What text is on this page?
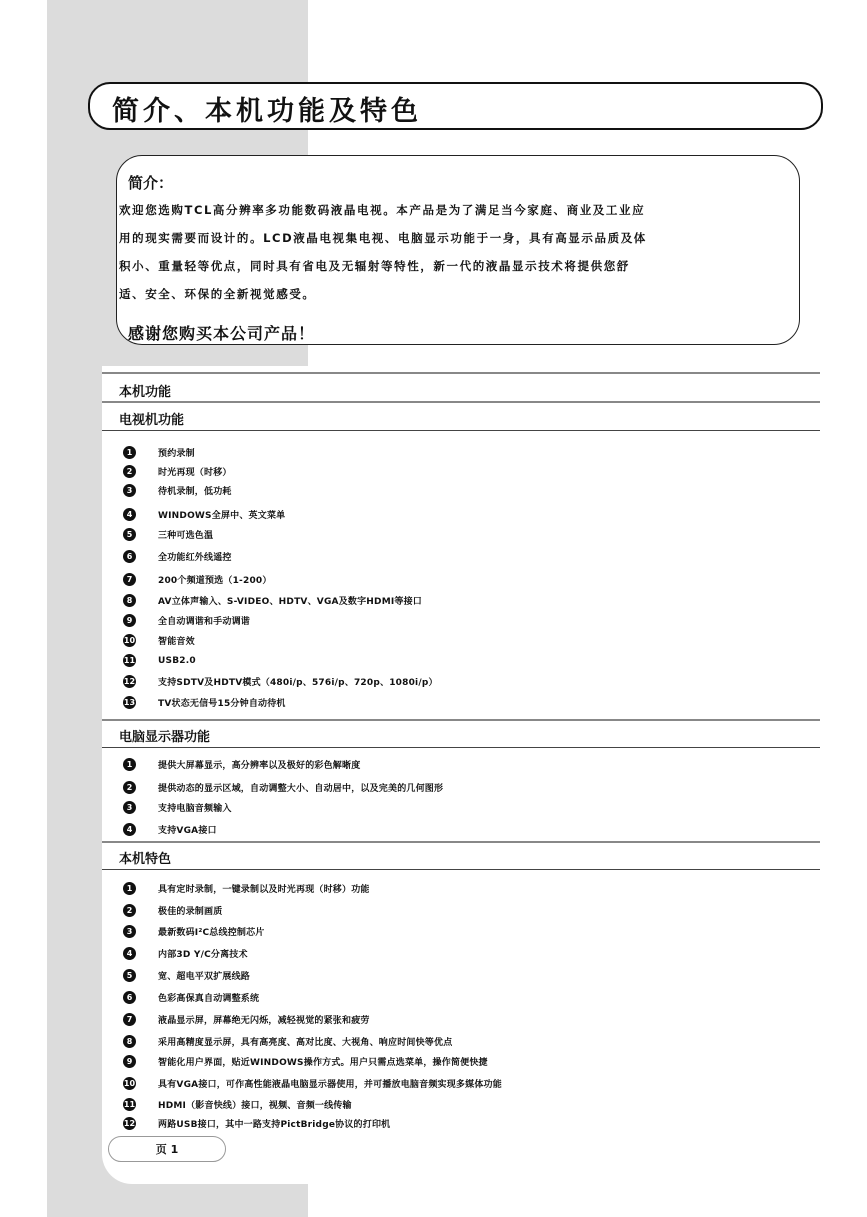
简介、本机功能及特色
简介：
欢迎您选购TCL高分辨率多功能数码液晶电视。本产品是为了满足当今家庭、商业及工业应
用的现实需要而设计的。LCD液晶电视集电视、电脑显示功能于一身，具有高显示品质及体
积小、重量轻等优点，同时具有省电及无辐射等特性，新一代的液晶显示技术将提供您舒
适、安全、环保的全新视觉感受。
感谢您购买本公司产品！
本机功能
电视机功能
1	预约录制
2	时光再现（时移）
3	待机录制，低功耗
4	WINDOWS全屏中、英文菜单
5	三种可选色温
6	全功能红外线遥控
7	200个频道预选（1-200）
8	AV立体声输入、S-VIDEO、HDTV、VGA及数字HDMI等接口
9	全自动调谐和手动调谐
10	智能音效
11	USB2.0
12	支持SDTV及HDTV模式（480i/p、576i/p、720p、1080i/p）
13	TV状态无信号15分钟自动待机
电脑显示器功能
1	提供大屏幕显示，高分辨率以及极好的彩色解晰度
2	提供动态的显示区域，自动调整大小、自动居中，以及完美的几何图形
3	支持电脑音频输入
4	支持VGA接口
本机特色
1	具有定时录制，一键录制以及时光再现（时移）功能
2	极佳的录制画质
3	最新数码I²C总线控制芯片
4	内部3D Y/C分离技术
5	宽、超电平双扩展线路
6	色彩高保真自动调整系统
7	液晶显示屏，屏幕绝无闪烁，减轻视觉的紧张和疲劳
8	采用高精度显示屏，具有高亮度、高对比度、大视角、响应时间快等优点
9	智能化用户界面，贴近WINDOWS操作方式。用户只需点选菜单，操作简便快捷
10	具有VGA接口，可作高性能液晶电脑显示器使用，并可播放电脑音频实现多媒体功能
11	HDMI（影音快线）接口，视频、音频一线传输
12	两路USB接口，其中一路支持PictBridge协议的打印机
页 1
